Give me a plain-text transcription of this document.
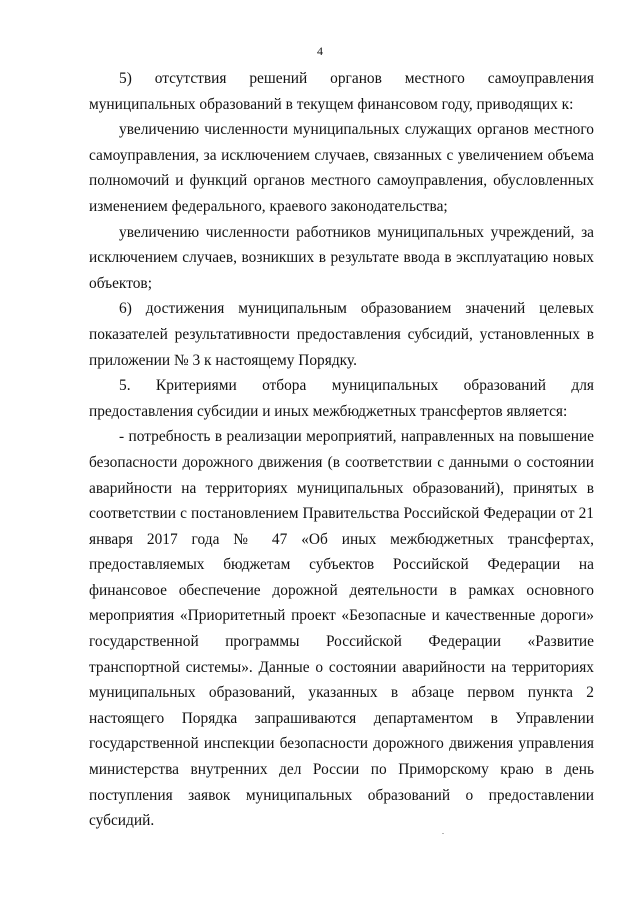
4

5) отсутствия решений органов местного самоуправления муниципальных образований в текущем финансовом году, приводящих к:

увеличению численности муниципальных служащих органов местного самоуправления, за исключением случаев, связанных с увеличением объема полномочий и функций органов местного самоуправления, обусловленных изменением федерального, краевого законодательства;

увеличению численности работников муниципальных учреждений, за исключением случаев, возникших в результате ввода в эксплуатацию новых объектов;

6) достижения муниципальным образованием значений целевых показателей результативности предоставления субсидий, установленных в приложении № 3 к настоящему Порядку.

5. Критериями отбора муниципальных образований для предоставления субсидии и иных межбюджетных трансфертов является:

- потребность в реализации мероприятий, направленных на повышение безопасности дорожного движения (в соответствии с данными о состоянии аварийности на территориях муниципальных образований), принятых в соответствии с постановлением Правительства Российской Федерации от 21 января 2017 года № 47 «Об иных межбюджетных трансфертах, предоставляемых бюджетам субъектов Российской Федерации на финансовое обеспечение дорожной деятельности в рамках основного мероприятия «Приоритетный проект «Безопасные и качественные дороги» государственной программы Российской Федерации «Развитие транспортной системы». Данные о состоянии аварийности на территориях муниципальных образований, указанных в абзаце первом пункта 2 настоящего Порядка запрашиваются департаментом в Управлении государственной инспекции безопасности дорожного движения управления министерства внутренних дел России по Приморскому краю в день поступления заявок муниципальных образований о предоставлении субсидий.
